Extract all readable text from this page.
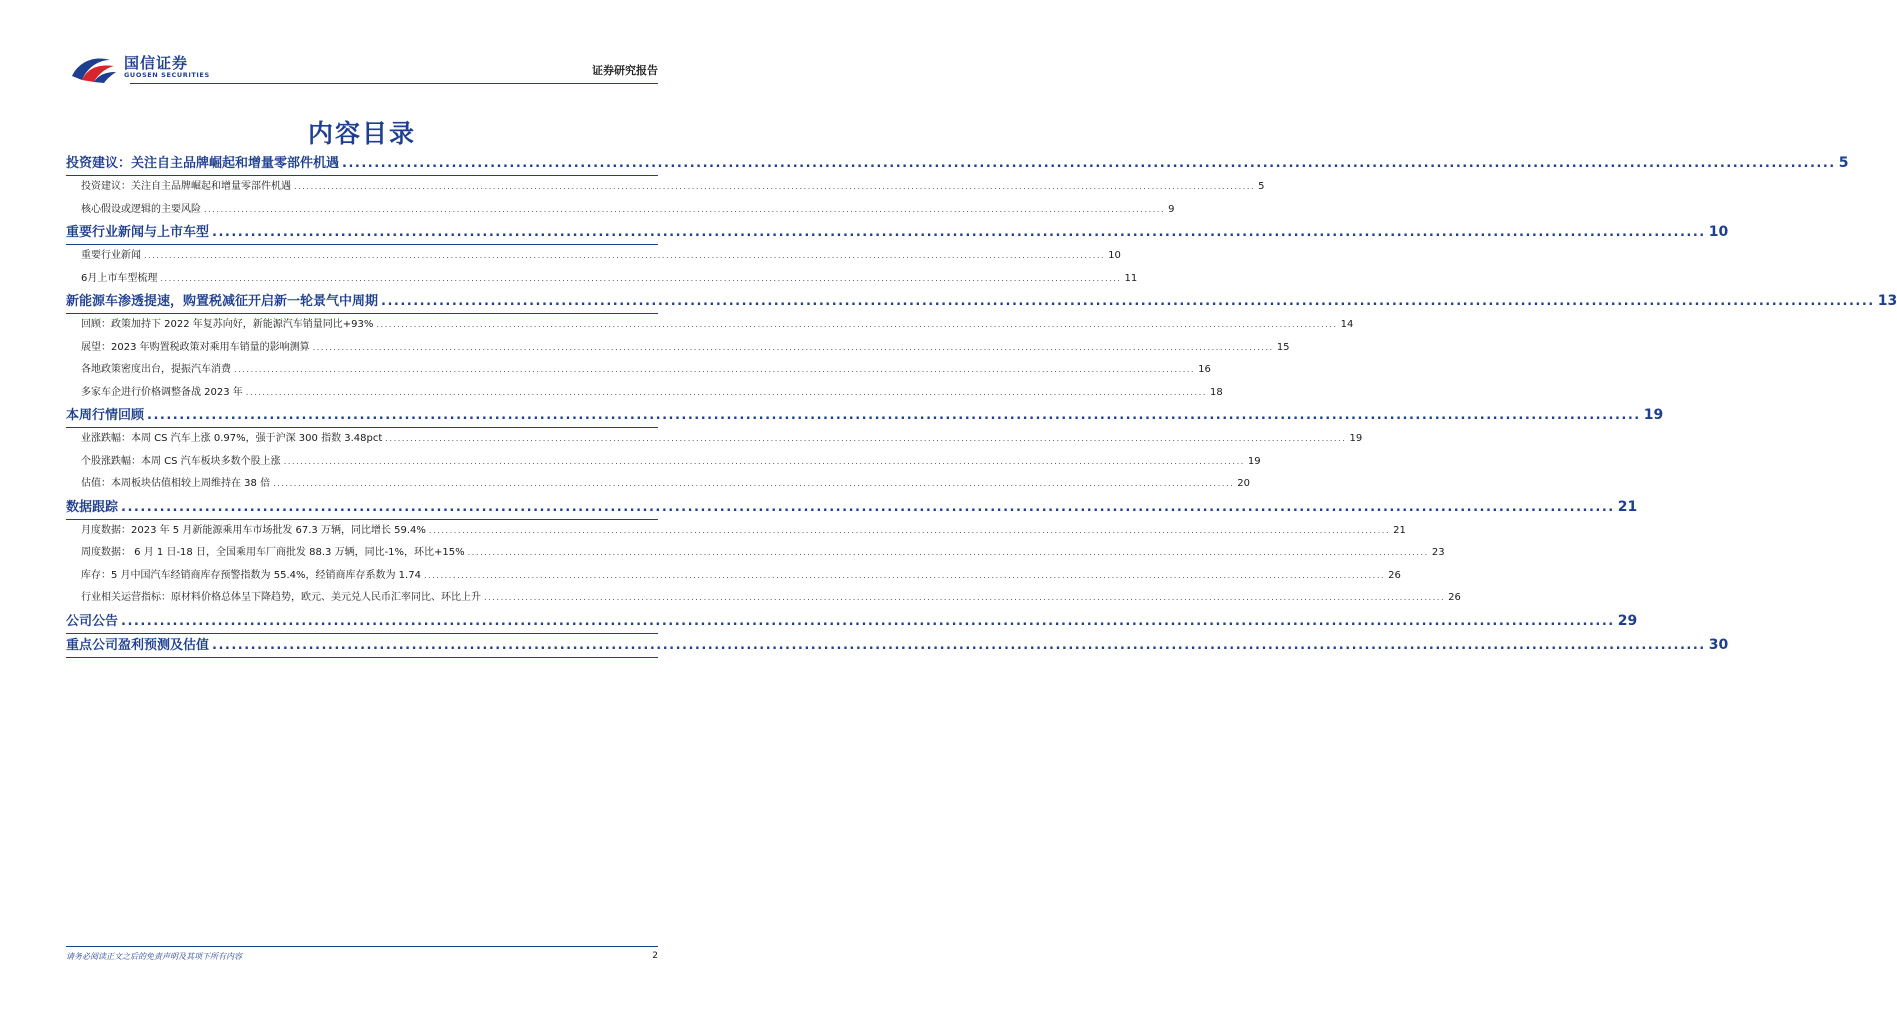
国信证券
GUOSEN SECURITIES	证券研究报告
内容目录
投资建议：关注自主品牌崛起和增量零部件机遇 .....	5
投资建议：关注自主品牌崛起和增量零部件机遇 .....	5
核心假设或逻辑的主要风险 .....	9
重要行业新闻与上市车型 .....	10
重要行业新闻 .....	10
6月上市车型梳理 .....	11
新能源车渗透提速，购置税减征开启新一轮景气中周期 .....	13
回顾：政策加持下 2022 年复苏向好，新能源汽车销量同比+93% .....	14
展望：2023 年购置税政策对乘用车销量的影响测算 .....	15
各地政策密度出台，提振汽车消费 .....	16
多家车企进行价格调整备战 2023 年 .....	18
本周行情回顾 .....	19
业涨跌幅：本周 CS 汽车上涨 0.97%，强于沪深 300 指数 3.48pct .....	19
个股涨跌幅：本周 CS 汽车板块多数个股上涨 .....	19
估值：本周板块估值相较上周维持在 38 倍 .....	20
数据跟踪 .....	21
月度数据：2023 年 5 月新能源乘用车市场批发 67.3 万辆，同比增长 59.4% .....	21
周度数据： 6 月 1 日-18 日，全国乘用车厂商批发 88.3 万辆，同比-1%，环比+15% .....	23
库存：5 月中国汽车经销商库存预警指数为 55.4%，经销商库存系数为 1.74 .....	26
行业相关运营指标：原材料价格总体呈下降趋势，欧元、美元兑人民币汇率同比、环比上升 .....	26
公司公告 .....	29
重点公司盈利预测及估值 .....	30
请务必阅读正文之后的免责声明及其项下所有内容	2
